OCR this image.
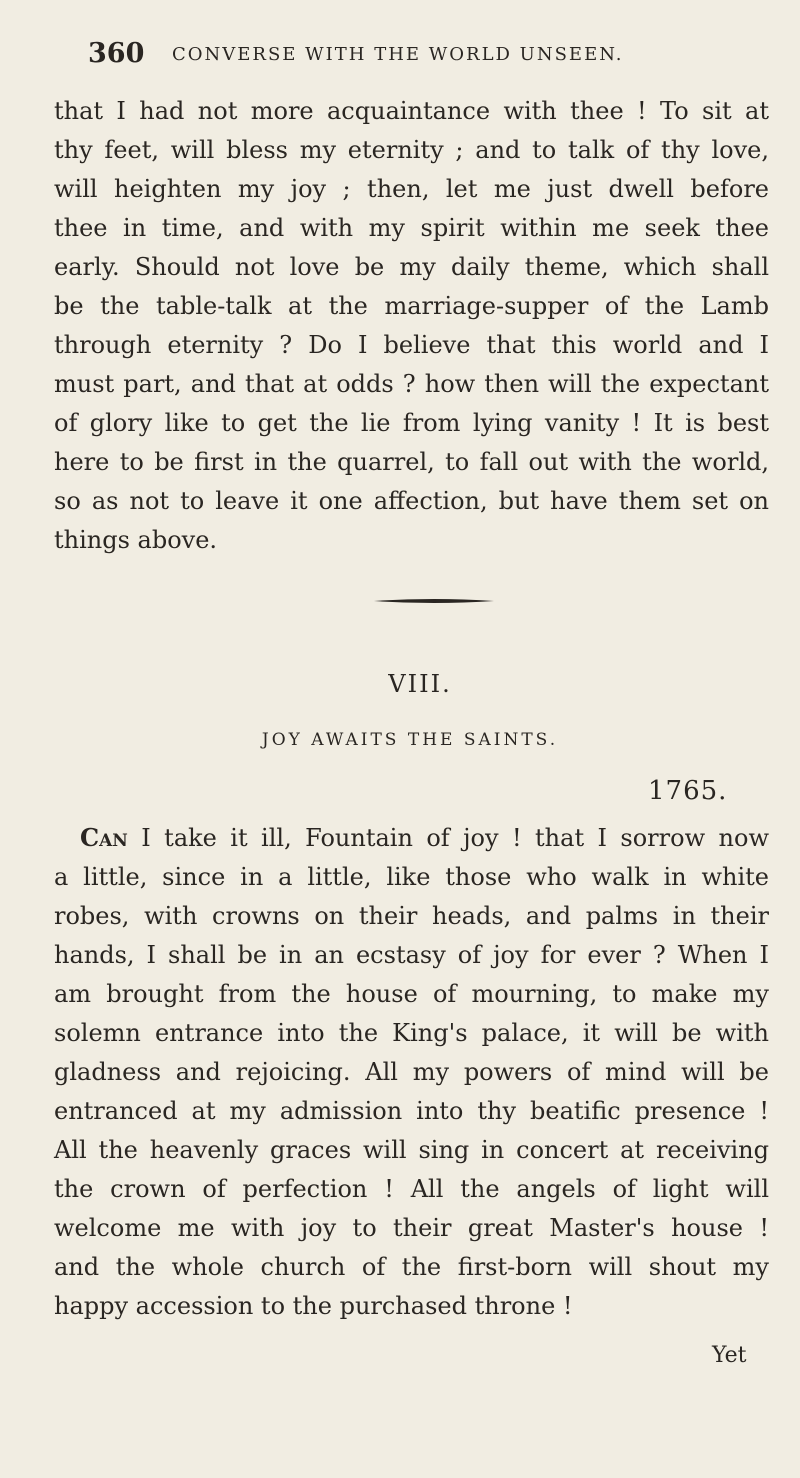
360 CONVERSE WITH THE WORLD UNSEEN.
that I had not more acquaintance with thee ! To sit at
thy feet, will bless my eternity ; and to talk of thy love,
will heighten my joy ; then, let me just dwell before
thee in time, and with my spirit within me seek thee
early. Should not love be my daily theme, which shall
be the table-talk at the marriage-supper of the Lamb
through eternity ? Do I believe that this world and I
must part, and that at odds ? how then will the expectant
of glory like to get the lie from lying vanity ! It is best
here to be first in the quarrel, to fall out with the world,
so as not to leave it one affection, but have them set on
things above.
VIII.
JOY AWAITS THE SAINTS.
1765.
Can I take it ill, Fountain of joy ! that I sorrow now
a little, since in a little, like those who walk in white
robes, with crowns on their heads, and palms in their
hands, I shall be in an ecstasy of joy for ever ? When I
am brought from the house of mourning, to make my
solemn entrance into the King's palace, it will be with
gladness and rejoicing. All my powers of mind will be
entranced at my admission into thy beatific presence !
All the heavenly graces will sing in concert at receiving
the crown of perfection ! All the angels of light will
welcome me with joy to their great Master's house !
and the whole church of the first-born will shout my
happy accession to the purchased throne !
Yet
